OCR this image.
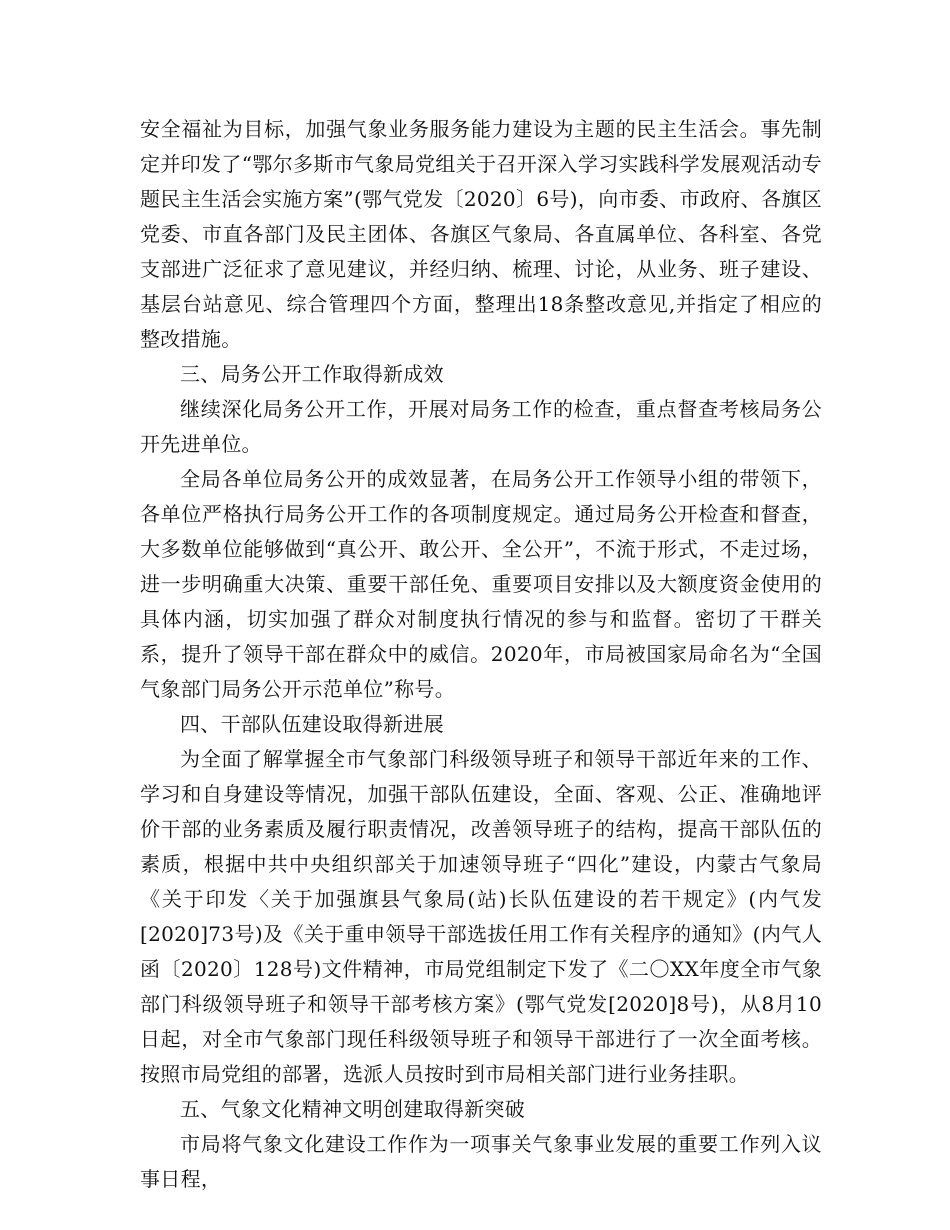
安全福祉为目标，加强气象业务服务能力建设为主题的民主生活会。事先制定并印发了“鄂尔多斯市气象局党组关于召开深入学习实践科学发展观活动专题民主生活会实施方案”(鄂气党发〔2020〕6号)，向市委、市政府、各旗区党委、市直各部门及民主团体、各旗区气象局、各直属单位、各科室、各党支部进广泛征求了意见建议，并经归纳、梳理、讨论，从业务、班子建设、基层台站意见、综合管理四个方面，整理出18条整改意见,并指定了相应的整改措施。

三、局务公开工作取得新成效

继续深化局务公开工作，开展对局务工作的检查，重点督查考核局务公开先进单位。

全局各单位局务公开的成效显著，在局务公开工作领导小组的带领下，各单位严格执行局务公开工作的各项制度规定。通过局务公开检查和督查，大多数单位能够做到“真公开、敢公开、全公开”，不流于形式，不走过场，进一步明确重大决策、重要干部任免、重要项目安排以及大额度资金使用的具体内涵，切实加强了群众对制度执行情况的参与和监督。密切了干群关系，提升了领导干部在群众中的威信。2020年，市局被国家局命名为“全国气象部门局务公开示范单位”称号。

四、干部队伍建设取得新进展

为全面了解掌握全市气象部门科级领导班子和领导干部近年来的工作、学习和自身建设等情况，加强干部队伍建设，全面、客观、公正、准确地评价干部的业务素质及履行职责情况，改善领导班子的结构，提高干部队伍的素质，根据中共中央组织部关于加速领导班子“四化”建设，内蒙古气象局《关于印发〈关于加强旗县气象局(站)长队伍建设的若干规定》(内气发[2020]73号)及《关于重申领导干部选拔任用工作有关程序的通知》(内气人函〔2020〕128号)文件精神，市局党组制定下发了《二〇XX年度全市气象部门科级领导班子和领导干部考核方案》(鄂气党发[2020]8号)，从8月10日起，对全市气象部门现任科级领导班子和领导干部进行了一次全面考核。按照市局党组的部署，选派人员按时到市局相关部门进行业务挂职。

五、气象文化精神文明创建取得新突破

市局将气象文化建设工作作为一项事关气象事业发展的重要工作列入议事日程，
